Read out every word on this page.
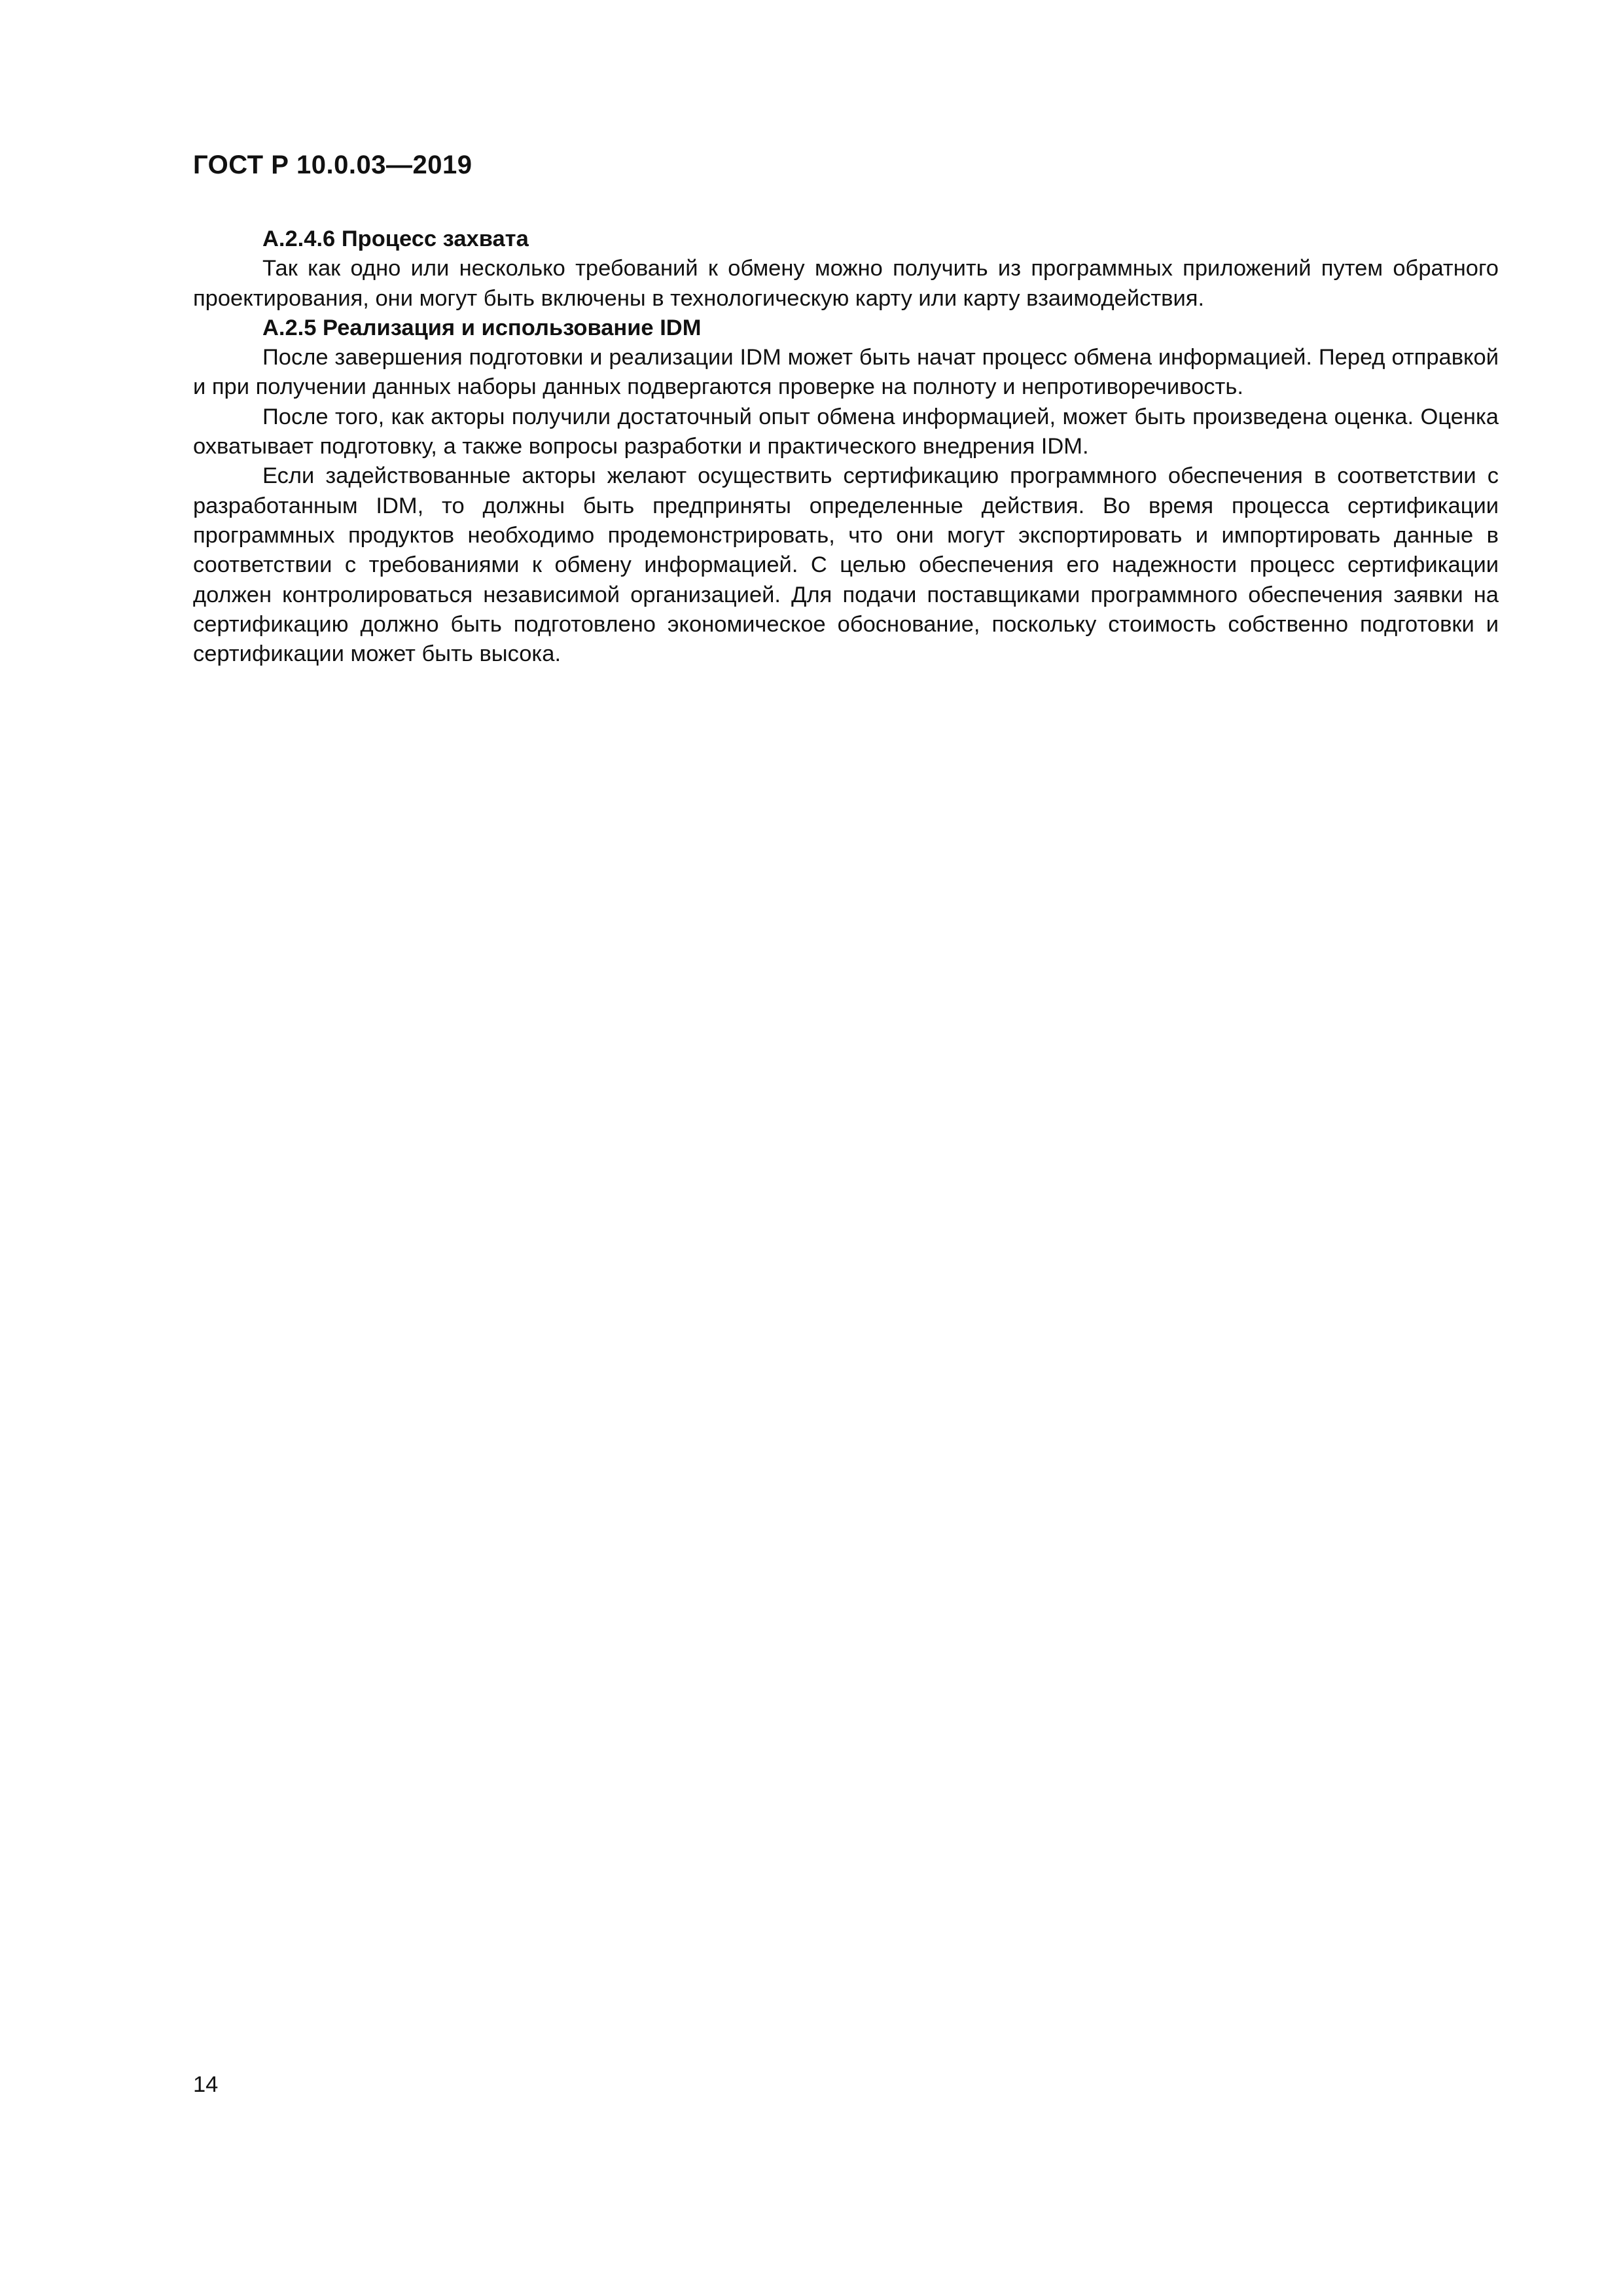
ГОСТ Р 10.0.03—2019
А.2.4.6 Процесс захвата

Так как одно или несколько требований к обмену можно получить из программных приложений путем обратного проектирования, они могут быть включены в технологическую карту или карту взаимодействия.

А.2.5 Реализация и использование IDM

После завершения подготовки и реализации IDM может быть начат процесс обмена информацией. Перед отправкой и при получении данных наборы данных подвергаются проверке на полноту и непротиворечивость.

После того, как акторы получили достаточный опыт обмена информацией, может быть произведена оценка. Оценка охватывает подготовку, а также вопросы разработки и практического внедрения IDM.

Если задействованные акторы желают осуществить сертификацию программного обеспечения в соответствии с разработанным IDM, то должны быть предприняты определенные действия. Во время процесса сертификации программных продуктов необходимо продемонстрировать, что они могут экспортировать и импортировать данные в соответствии с требованиями к обмену информацией. С целью обеспечения его надежности процесс сертификации должен контролироваться независимой организацией. Для подачи поставщиками программного обеспечения заявки на сертификацию должно быть подготовлено экономическое обоснование, поскольку стоимость собственно подготовки и сертификации может быть высока.

14
